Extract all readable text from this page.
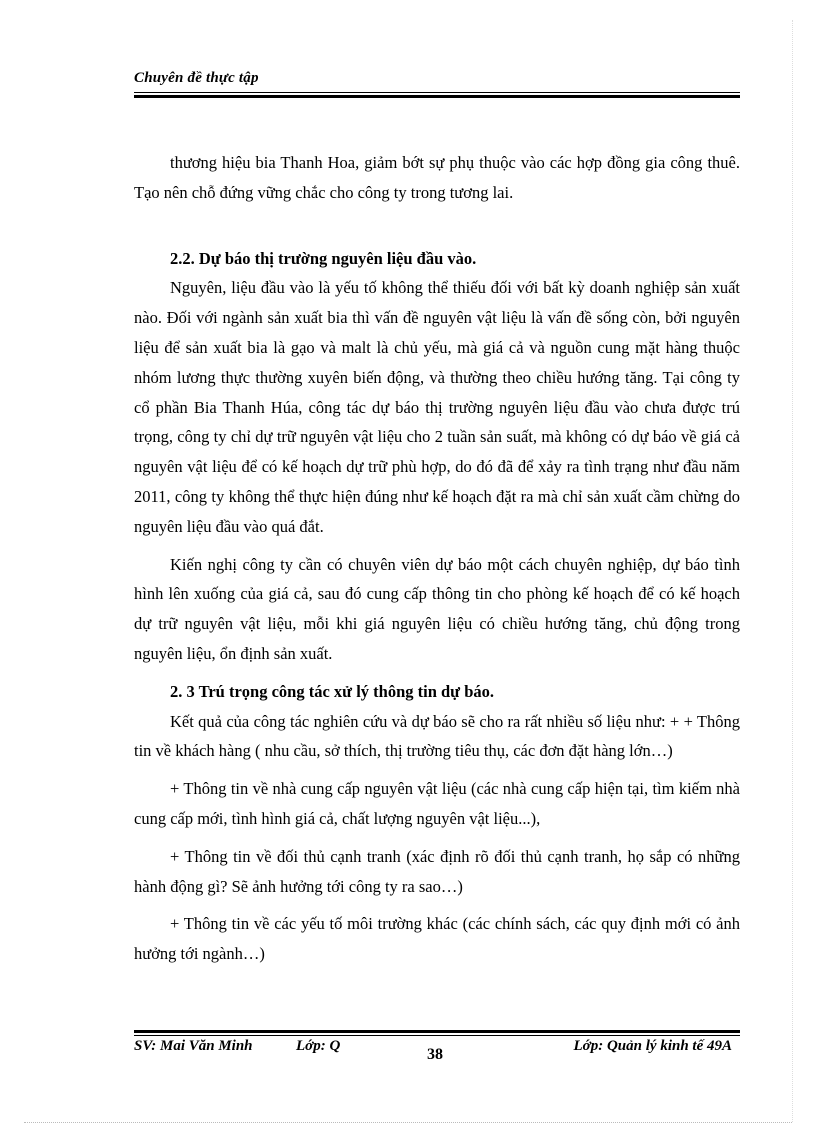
Chuyên đề thực tập

thương hiệu bia Thanh Hoa, giảm bớt sự phụ thuộc vào các hợp đồng gia công thuê. Tạo nên chỗ đứng vững chắc cho công ty trong tương lai.

2.2. Dự báo thị trường nguyên liệu đầu vào.

Nguyên, liệu đầu vào là yếu tố không thể thiếu đối với bất kỳ doanh nghiệp sản xuất nào. Đối với ngành sản xuất bia thì vấn đề nguyên vật liệu là vấn đề sống còn, bởi nguyên liệu để sản xuất bia là gạo và malt là chủ yếu, mà giá cả và nguồn cung mặt hàng thuộc nhóm lương thực thường xuyên biến động, và thường theo chiều hướng tăng. Tại công ty cổ phần Bia Thanh Húa, công tác dự báo thị trường nguyên liệu đầu vào chưa được trú trọng, công ty chỉ dự trữ nguyên vật liệu cho 2 tuần sản suất, mà không có dự báo về giá cả nguyên vật liệu để có kế hoạch dự trữ phù hợp, do đó đã để xảy ra tình trạng như đầu năm 2011, công ty không thể thực hiện đúng như kế hoạch đặt ra mà chỉ sản xuất cầm chừng do nguyên liệu đầu vào quá đắt.

Kiến nghị công ty cần có chuyên viên dự báo một cách chuyên nghiệp, dự báo tình hình lên xuống của giá cả, sau đó cung cấp thông tin cho phòng kế hoạch để có kế hoạch dự trữ nguyên vật liệu, mỗi khi giá nguyên liệu có chiều hướng tăng, chủ động trong nguyên liệu, ổn định sản xuất.

2. 3 Trú trọng công tác xử lý thông tin dự báo.

Kết quả của công tác nghiên cứu và dự báo sẽ cho ra rất nhiều số liệu như: + + Thông tin về khách hàng ( nhu cầu, sở thích, thị trường tiêu thụ, các đơn đặt hàng lớn…)

+ Thông tin về nhà cung cấp nguyên vật liệu (các nhà cung cấp hiện tại, tìm kiếm nhà cung cấp mới, tình hình giá cả, chất lượng nguyên vật liệu...),

+ Thông tin về đối thủ cạnh tranh (xác định rõ đối thủ cạnh tranh, họ sắp có những hành động gì? Sẽ ảnh hưởng tới công ty ra sao…)

+ Thông tin về các yếu tố môi trường khác (các chính sách, các quy định mới có ảnh hưởng tới ngành…)

SV: Mai Văn Minh	Lớp: Q	38	Lớp: Quản lý kinh tế 49A
